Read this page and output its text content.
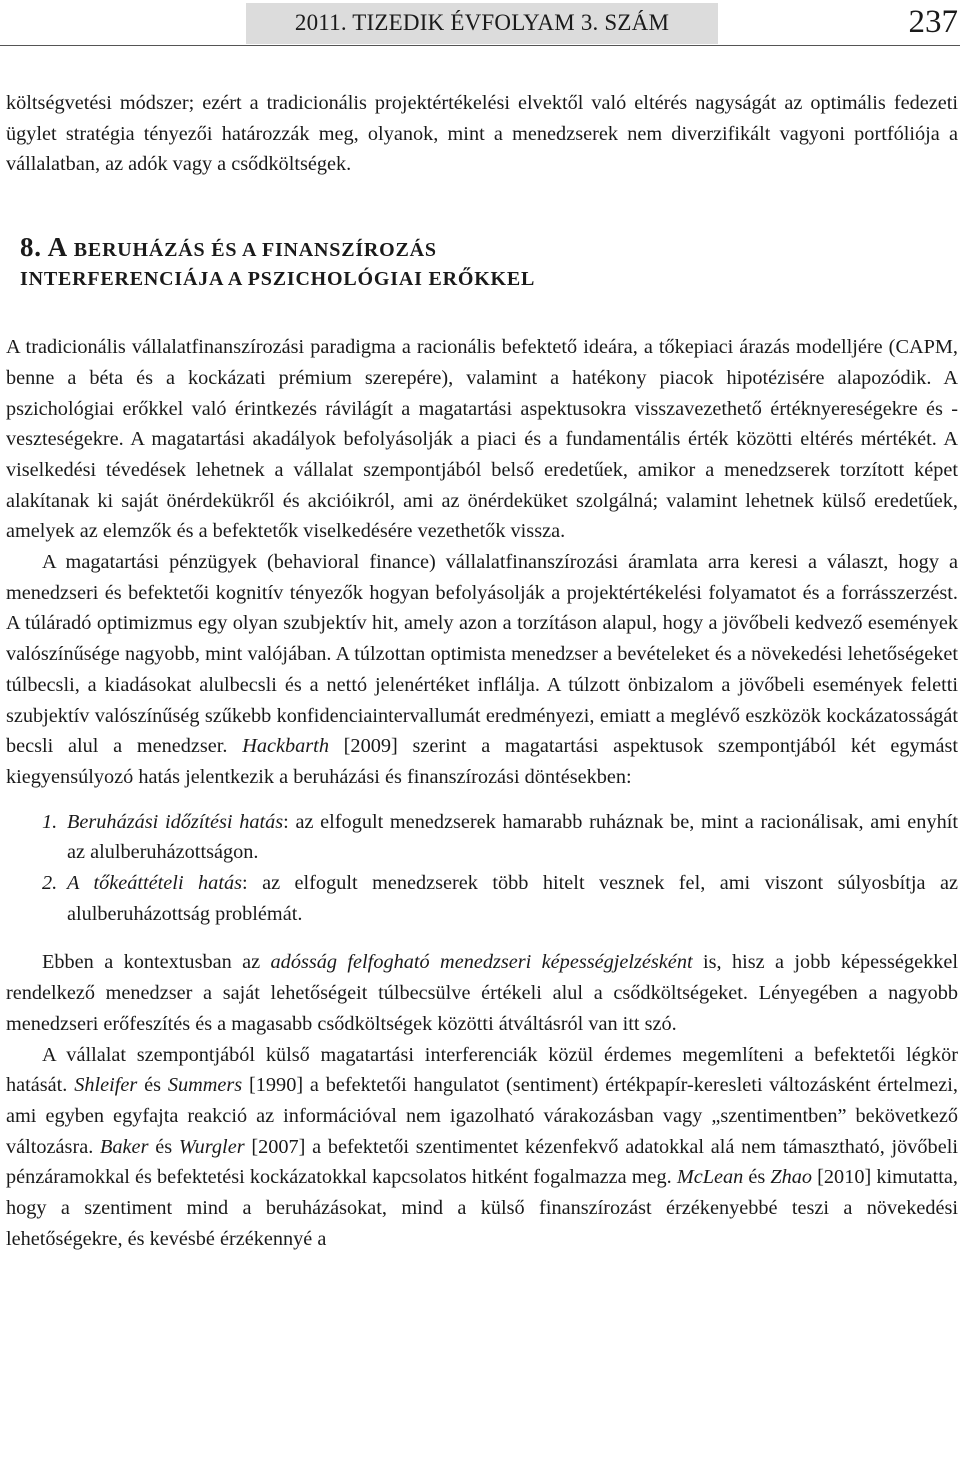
2011. TIZEDIK ÉVFOLYAM 3. SZÁM	237

költségvetési módszer; ezért a tradicionális projektértékelési elvektől való eltérés nagyságát az optimális fedezeti ügylet stratégia tényezői határozzák meg, olyanok, mint a menedzserek nem diverzifikált vagyoni portfóliója a vállalatban, az adók vagy a csődköltségek.

8. A BERUHÁZÁS ÉS A FINANSZÍROZÁS
INTERFERENCIÁJA A PSZICHOLÓGIAI ERŐKKEL

A tradicionális vállalatfinanszírozási paradigma a racionális befektető ideára, a tőkepiaci árazás modelljére (CAPM, benne a béta és a kockázati prémium szerepére), valamint a hatékony piacok hipotézisére alapozódik. A pszichológiai erőkkel való érintkezés rávilágít a magatartási aspektusokra visszavezethető értéknyereségekre és -veszteségekre. A magatartási akadályok befolyásolják a piaci és a fundamentális érték közötti eltérés mértékét. A viselkedési tévedések lehetnek a vállalat szempontjából belső eredetűek, amikor a menedzserek torzított képet alakítanak ki saját önérdekükről és akcióikról, ami az önérdeküket szolgálná; valamint lehetnek külső eredetűek, amelyek az elemzők és a befektetők viselkedésére vezethetők vissza.

A magatartási pénzügyek (behavioral finance) vállalatfinanszírozási áramlata arra keresi a választ, hogy a menedzseri és befektetői kognitív tényezők hogyan befolyásolják a projektértékelési folyamatot és a forrásszerzést. A túláradó optimizmus egy olyan szubjektív hit, amely azon a torzításon alapul, hogy a jövőbeli kedvező események valószínűsége nagyobb, mint valójában. A túlzottan optimista menedzser a bevételeket és a növekedési lehetőségeket túlbecsli, a kiadásokat alulbecsli és a nettó jelenértéket inflálja. A túlzott önbizalom a jövőbeli események feletti szubjektív valószínűség szűkebb konfidenciaintervallumát eredményezi, emiatt a meglévő eszközök kockázatosságát becsli alul a menedzser. Hackbarth [2009] szerint a magatartási aspektusok szempontjából két egymást kiegyensúlyozó hatás jelentkezik a beruházási és finanszírozási döntésekben:

1. Beruházási időzítési hatás: az elfogult menedzserek hamarabb ruháznak be, mint a racionálisak, ami enyhít az alulberuházottságon.
2. A tőkeáttételi hatás: az elfogult menedzserek több hitelt vesznek fel, ami viszont súlyosbítja az alulberuházottság problémát.

Ebben a kontextusban az adósság felfogható menedzseri képességjelzésként is, hisz a jobb képességekkel rendelkező menedzser a saját lehetőségeit túlbecsülve értékeli alul a csődköltségeket. Lényegében a nagyobb menedzseri erőfeszítés és a magasabb csődköltségek közötti átváltásról van itt szó.

A vállalat szempontjából külső magatartási interferenciák közül érdemes megemlíteni a befektetői légkör hatását. Shleifer és Summers [1990] a befektetői hangulatot (sentiment) értékpapír-keresleti változásként értelmezi, ami egyben egyfajta reakció az információval nem igazolható várakozásban vagy „szentimentben” bekövetkező változásra. Baker és Wurgler [2007] a befektetői szentimentet kézenfekvő adatokkal alá nem támasztható, jövőbeli pénzáramokkal és befektetési kockázatokkal kapcsolatos hitként fogalmazza meg. McLean és Zhao [2010] kimutatta, hogy a szentiment mind a beruházásokat, mind a külső finanszírozást érzékenyebbé teszi a növekedési lehetőségekre, és kevésbé érzékennyé a
